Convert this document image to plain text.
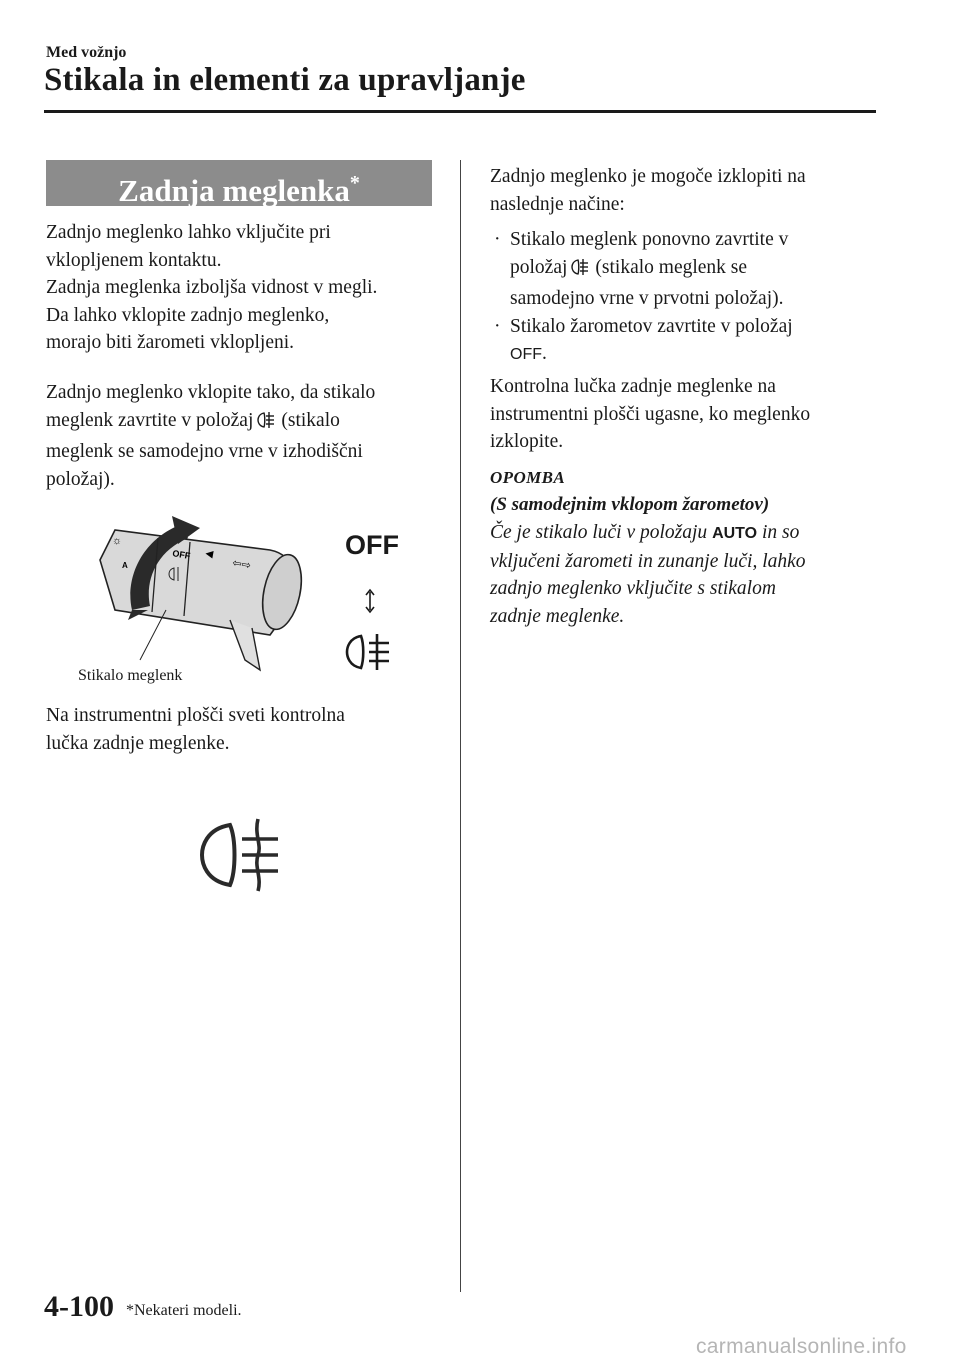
Med vožnjo
Stikala in elementi za upravljanje
Zadnja meglenka*
Zadnjo meglenko lahko vključite pri
vklopljenem kontaktu.
Zadnja meglenka izboljša vidnost v megli.
Da lahko vklopite zadnjo meglenko,
morajo biti žarometi vklopljeni.
Zadnjo meglenko vklopite tako, da stikalo
meglenk zavrtite v položaj (stikalo
meglenk se samodejno vrne v izhodiščni
položaj).
OFF ◀
⇦⇨
☼
A
Stikalo meglenk
OFF
Na instrumentni plošči sveti kontrolna
lučka zadnje meglenke.
Zadnjo meglenko je mogoče izklopiti na
naslednje načine:
· Stikalo meglenk ponovno zavrtite v
položaj (stikalo meglenk se
samodejno vrne v prvotni položaj).
· Stikalo žarometov zavrtite v položaj
OFF.
Kontrolna lučka zadnje meglenke na
instrumentni plošči ugasne, ko meglenko
izklopite.
OPOMBA
(S samodejnim vklopom žarometov)
Če je stikalo luči v položaju AUTO in so
vključeni žarometi in zunanje luči, lahko
zadnjo meglenko vključite s stikalom
zadnje meglenke.
4-100 *Nekateri modeli.
carmanualsonline.info
